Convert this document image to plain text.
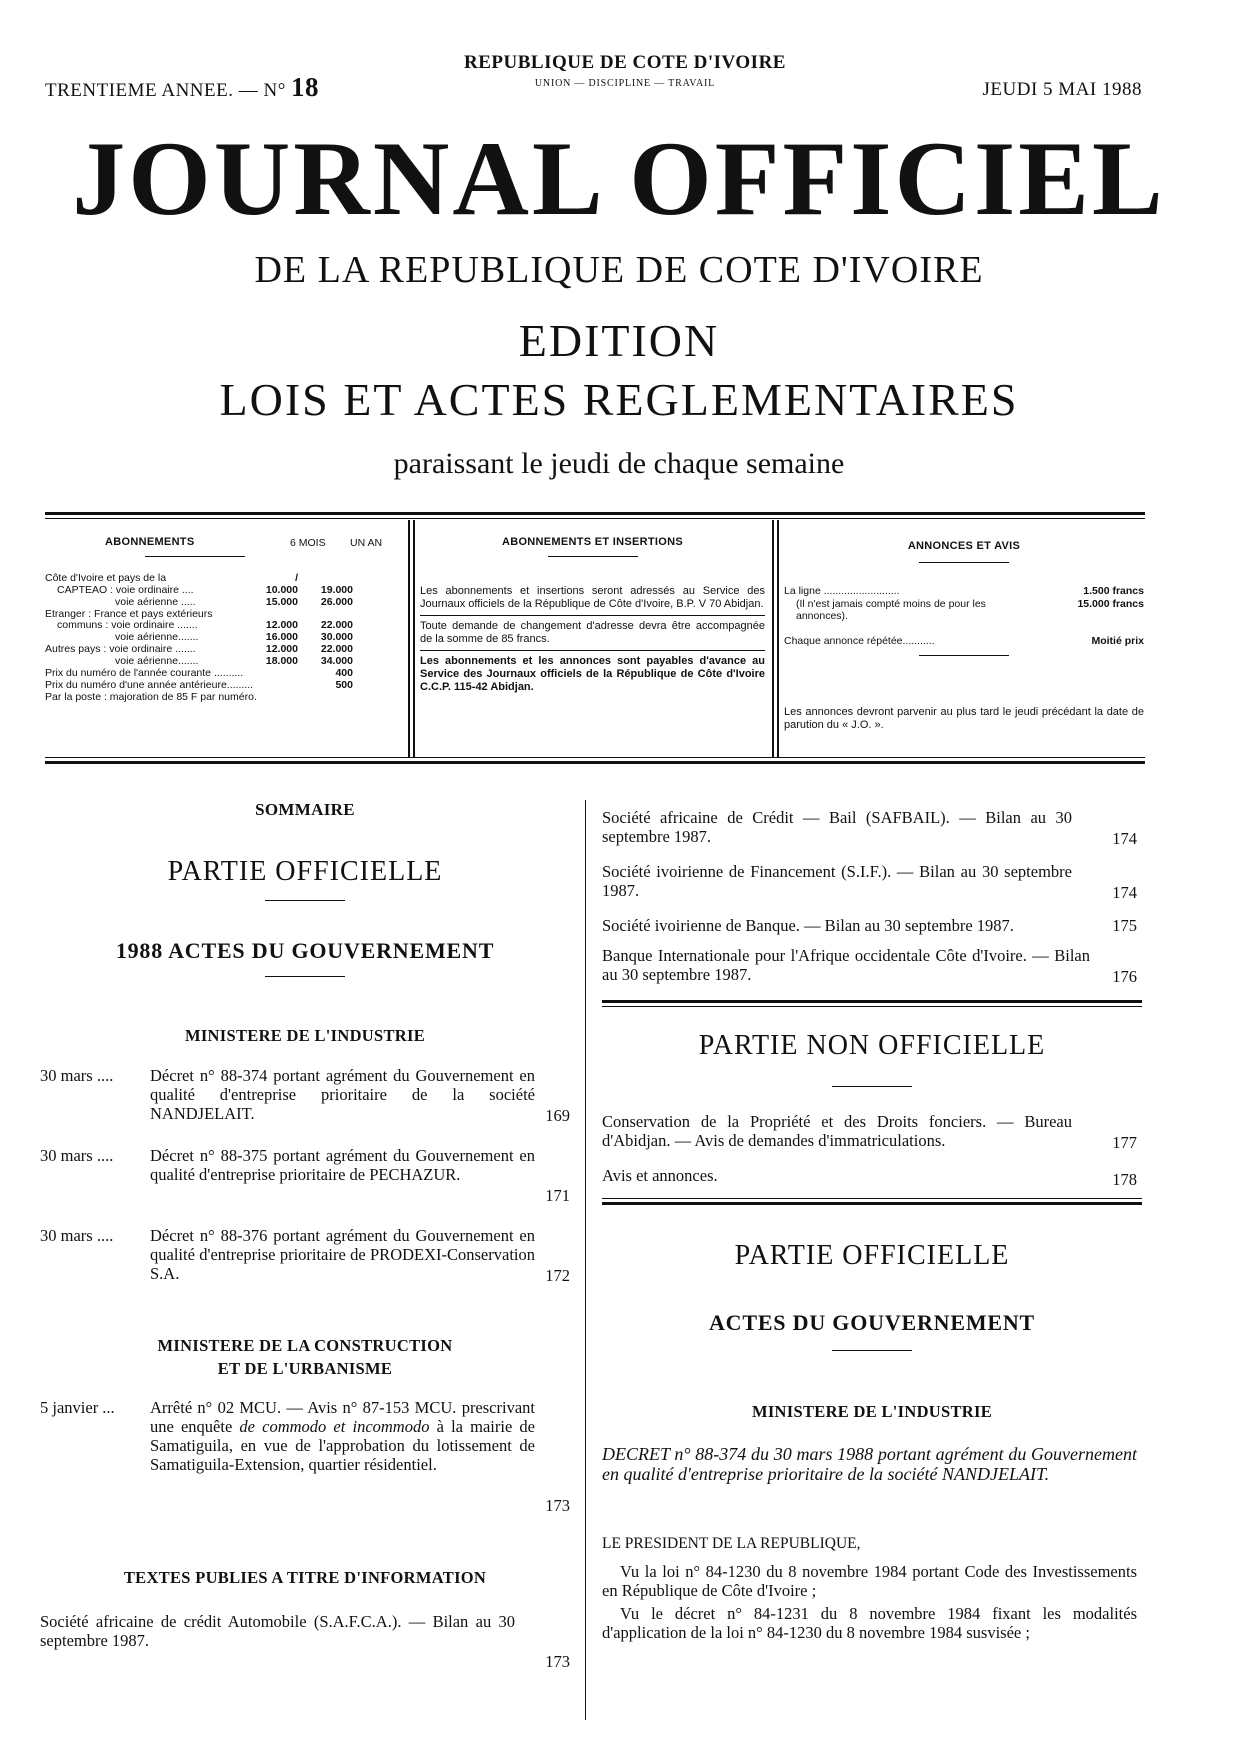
TRENTIEME ANNEE. — N° 18
REPUBLIQUE DE COTE D'IVOIRE
UNION — DISCIPLINE — TRAVAIL	JEUDI 5 MAI 1988
JOURNAL OFFICIEL
DE LA REPUBLIQUE DE COTE D'IVOIRE
EDITION
LOIS ET ACTES REGLEMENTAIRES
paraissant le jeudi de chaque semaine
ABONNEMENTS	6 MOIS UN AN
Côte d'Ivoire et pays de la	/
CAPTEAO : voie ordinaire ....	10.000	19.000
voie aérienne .....	15.000	26.000
Etranger : France et pays extérieurs
communs : voie ordinaire .......	12.000	22.000
voie aérienne.......	16.000	30.000
Autres pays : voie ordinaire .......	12.000	22.000
voie aérienne.......	18.000	34.000
Prix du numéro de l'année courante ..........	400
Prix du numéro d'une année antérieure.........	500
Par la poste : majoration de 85 F par numéro.
ABONNEMENTS ET INSERTIONS
Les abonnements et insertions seront adressés au Service des Journaux officiels de la République de Côte d'Ivoire, B.P. V 70 Abidjan.
Toute demande de changement d'adresse devra être accompagnée de la somme de 85 francs.
Les abonnements et les annonces sont payables d'avance au Service des Journaux officiels de la République de Côte d'Ivoire C.C.P. 115-42 Abidjan.
ANNONCES ET AVIS
La ligne ..........................	1.500 francs
(Il n'est jamais compté moins de pour les annonces).
15.000 francs
Chaque annonce répétée...........	Moitié prix
Les annonces devront parvenir au plus tard le jeudi précédant la date de parution du « J.O. ».
SOMMAIRE
PARTIE OFFICIELLE
1988 ACTES DU GOUVERNEMENT
MINISTERE DE L'INDUSTRIE
30 mars .... Décret n° 88-374 portant agrément du Gouvernement en qualité d'entreprise prioritaire de la société NANDJELAIT.	169
30 mars .... Décret n° 88-375 portant agrément du Gouvernement en qualité d'entreprise prioritaire de PECHAZUR.
171
30 mars .... Décret n° 88-376 portant agrément du Gouvernement en qualité d'entreprise prioritaire de PRODEXI-Conservation S.A.	172
MINISTERE DE LA CONSTRUCTION
ET DE L'URBANISME
5 janvier ... Arrêté n° 02 MCU. — Avis n° 87-153 MCU. prescrivant une enquête de commodo et incommodo à la mairie de Samatiguila, en vue de l'approbation du lotissement de Samatiguila-Extension, quartier résidentiel.
173
TEXTES PUBLIES A TITRE D'INFORMATION
Société africaine de crédit Automobile (S.A.F.C.A.). — Bilan au 30 septembre 1987.
173
Société africaine de Crédit — Bail (SAFBAIL). — Bilan au 30 septembre 1987.	174
Société ivoirienne de Financement (S.I.F.). — Bilan au 30 septembre 1987.	174
Société ivoirienne de Banque. — Bilan au 30 septembre 1987.	175
Banque Internationale pour l'Afrique occidentale Côte d'Ivoire. — Bilan au 30 septembre 1987.	176
PARTIE NON OFFICIELLE
Conservation de la Propriété et des Droits fonciers. — Bureau d'Abidjan. — Avis de demandes d'immatriculations.	177
Avis et annonces.	178
PARTIE OFFICIELLE
ACTES DU GOUVERNEMENT
MINISTERE DE L'INDUSTRIE
DECRET n° 88-374 du 30 mars 1988 portant agrément du Gouvernement en qualité d'entreprise prioritaire de la société NANDJELAIT.
LE PRESIDENT DE LA REPUBLIQUE,
Vu la loi n° 84-1230 du 8 novembre 1984 portant Code des Investissements en République de Côte d'Ivoire ;
Vu le décret n° 84-1231 du 8 novembre 1984 fixant les modalités d'application de la loi n° 84-1230 du 8 novembre 1984 susvisée ;
